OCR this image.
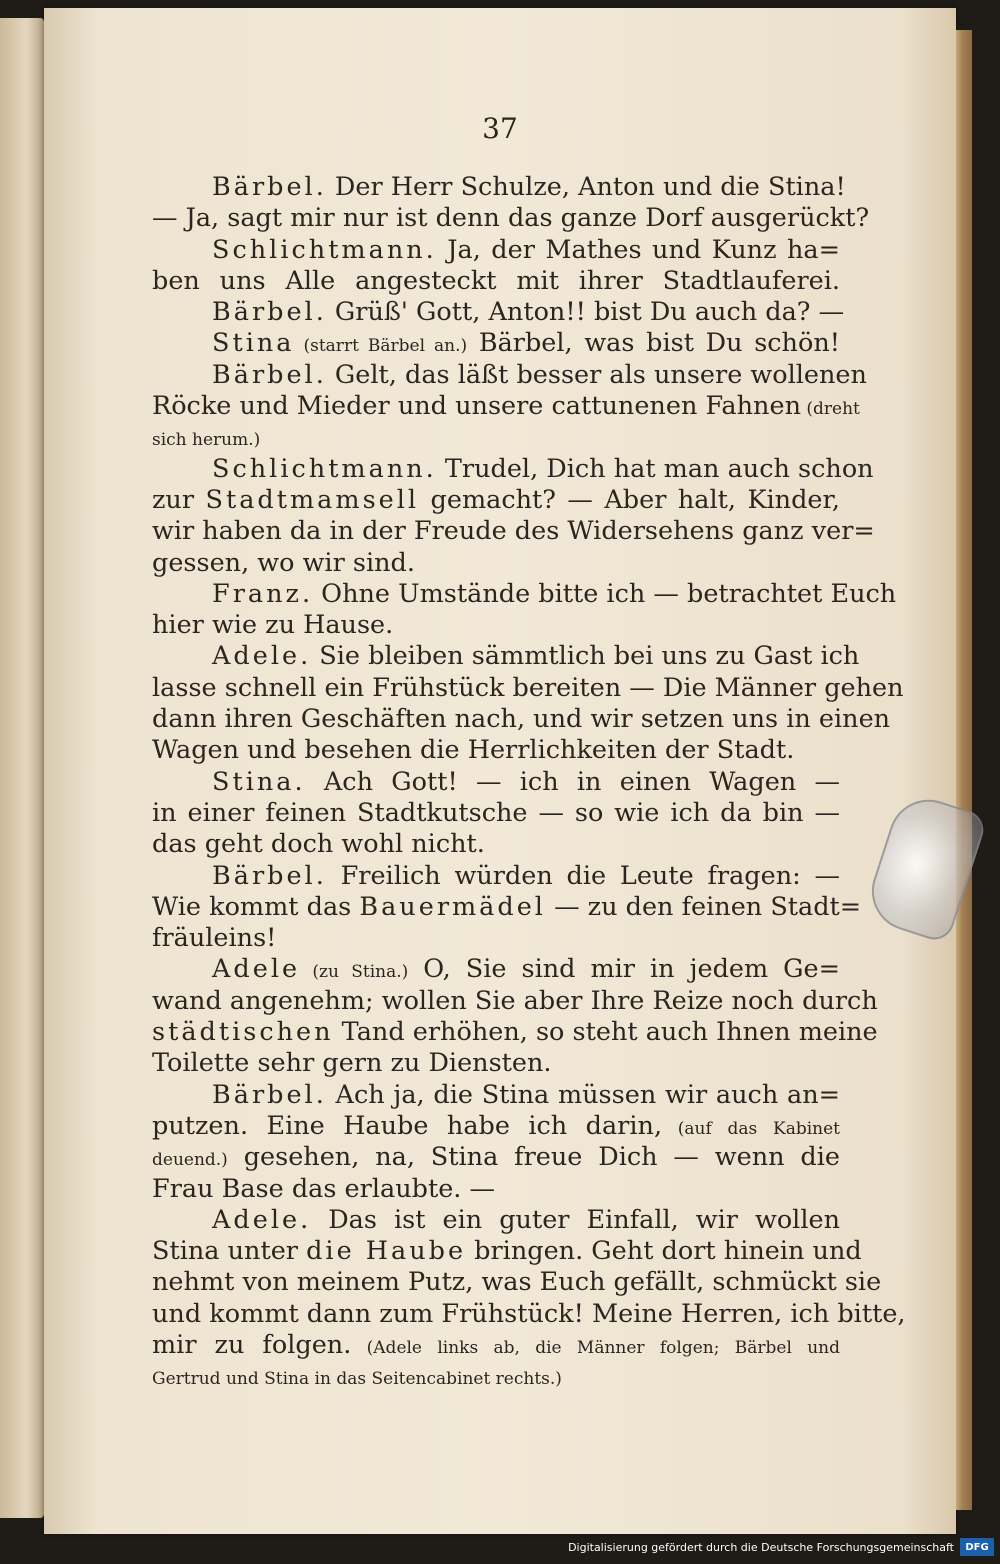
37
Bärbel. Der Herr Schulze, Anton und die Stina!
— Ja, sagt mir nur ist denn das ganze Dorf ausgerückt?
Schlichtmann. Ja, der Mathes und Kunz ha=
ben uns Alle angesteckt mit ihrer Stadtlauferei.
Bärbel. Grüß' Gott, Anton!! bist Du auch da? —
Stina (starrt Bärbel an.) Bärbel, was bist Du schön!
Bärbel. Gelt, das läßt besser als unsere wollenen
Röcke und Mieder und unsere cattunenen Fahnen (dreht
sich herum.)
Schlichtmann. Trudel, Dich hat man auch schon
zur Stadtmamsell gemacht? — Aber halt, Kinder,
wir haben da in der Freude des Widersehens ganz ver=
gessen, wo wir sind.
Franz. Ohne Umstände bitte ich — betrachtet Euch
hier wie zu Hause.
Adele. Sie bleiben sämmtlich bei uns zu Gast ich
lasse schnell ein Frühstück bereiten — Die Männer gehen
dann ihren Geschäften nach, und wir setzen uns in einen
Wagen und besehen die Herrlichkeiten der Stadt.
Stina. Ach Gott! — ich in einen Wagen —
in einer feinen Stadtkutsche — so wie ich da bin —
das geht doch wohl nicht.
Bärbel. Freilich würden die Leute fragen: —
Wie kommt das Bauermädel — zu den feinen Stadt=
fräuleins!
Adele (zu Stina.) O, Sie sind mir in jedem Ge=
wand angenehm; wollen Sie aber Ihre Reize noch durch
städtischen Tand erhöhen, so steht auch Ihnen meine
Toilette sehr gern zu Diensten.
Bärbel. Ach ja, die Stina müssen wir auch an=
putzen. Eine Haube habe ich darin, (auf das Kabinet
deuend.) gesehen, na, Stina freue Dich — wenn die
Frau Base das erlaubte. —
Adele. Das ist ein guter Einfall, wir wollen
Stina unter die Haube bringen. Geht dort hinein und
nehmt von meinem Putz, was Euch gefällt, schmückt sie
und kommt dann zum Frühstück! Meine Herren, ich bitte,
mir zu folgen. (Adele links ab, die Männer folgen; Bärbel und
Gertrud und Stina in das Seitencabinet rechts.)
Digitalisierung gefördert durch die Deutsche Forschungsgemeinschaft	DFG
